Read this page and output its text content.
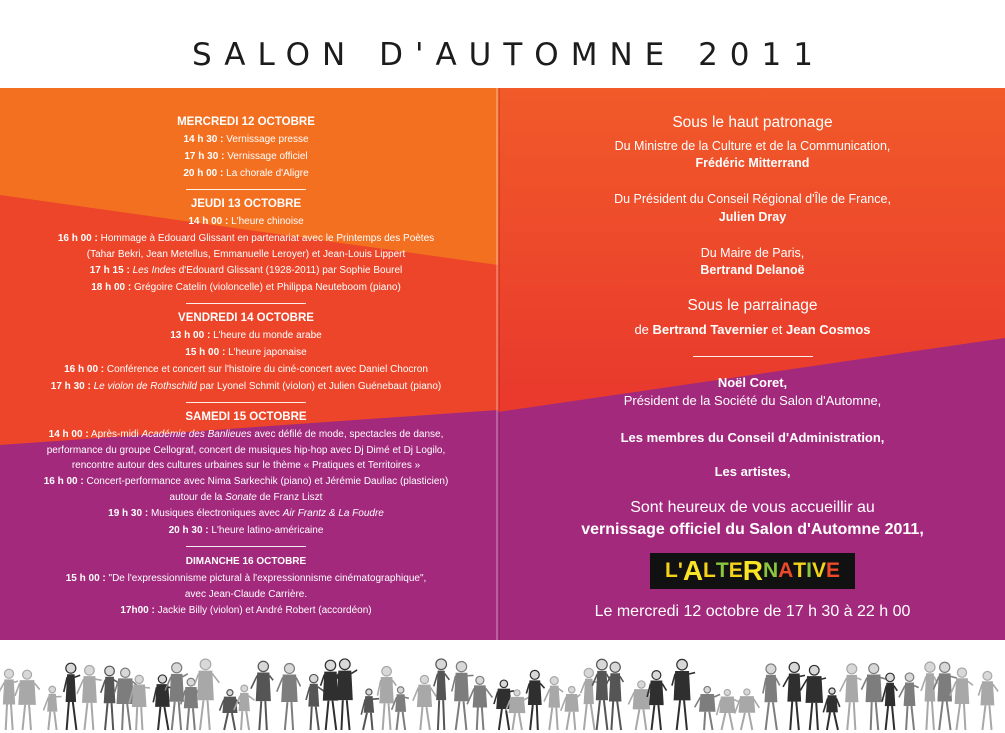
SALON D'AUTOMNE 2011
MERCREDI 12 OCTOBRE
14 h 30 : Vernissage presse
17 h 30 : Vernissage officiel
20 h 00 : La chorale d'Aligre
JEUDI 13 OCTOBRE
14 h 00 : L'heure chinoise
16 h 00 : Hommage à Edouard Glissant en partenariat avec le Printemps des Poètes
(Tahar Bekri, Jean Metellus, Emmanuelle Leroyer) et Jean-Louis Lippert
17 h 15 : Les Indes d'Edouard Glissant (1928-2011) par Sophie Bourel
18 h 00 : Grégoire Catelin (violoncelle) et Philippa Neuteboom (piano)
VENDREDI 14 OCTOBRE
13 h 00 : L'heure du monde arabe
15 h 00 : L'heure japonaise
16 h 00 : Conférence et concert sur l'histoire du ciné-concert avec Daniel Chocron
17 h 30 : Le violon de Rothschild par Lyonel Schmit (violon) et Julien Guénebaut (piano)
SAMEDI 15 OCTOBRE
14 h 00 : Après-midi Académie des Banlieues avec défilé de mode, spectacles de danse,
performance du groupe Cellograf, concert de musiques hip-hop avec Dj Dimé et Dj Logilo,
rencontre autour des cultures urbaines sur le thème « Pratiques et Territoires »
16 h 00 : Concert-performance avec Nima Sarkechik (piano) et Jérémie Dauliac (plasticien)
autour de la Sonate de Franz Liszt
19 h 30 : Musiques électroniques avec Air Frantz & La Foudre
20 h 30 : L'heure latino-américaine
DIMANCHE 16 OCTOBRE
15 h 00 : "De l'expressionnisme pictural à l'expressionnisme cinématographique",
avec Jean-Claude Carrière.
17h00 : Jackie Billy (violon) et André Robert (accordéon)
Sous le haut patronage
Du Ministre de la Culture et de la Communication,
Frédéric Mitterrand
Du Président du Conseil Régional d'Île de France,
Julien Dray
Du Maire de Paris,
Bertrand Delanoë
Sous le parrainage
de Bertrand Tavernier et Jean Cosmos
Noël Coret,
Président de la Société du Salon d'Automne,
Les membres du Conseil d'Administration,
Les artistes,
Sont heureux de vous accueillir au
vernissage officiel du Salon d'Automne 2011,
L ' A L T E R N A T I V E
Le mercredi 12 octobre de 17 h 30 à 22 h 00
